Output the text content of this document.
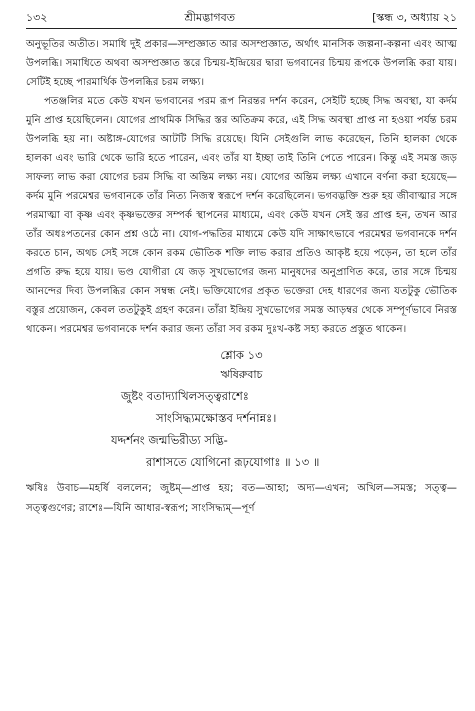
১৩২	শ্রীমদ্ভাগবত	[স্কন্ধ ৩, অধ্যায় ২১

অনুভূতির অতীত। সমাধি দুই প্রকার—সম্প্রজ্ঞাত আর অসম্প্রজ্ঞাত, অর্থাৎ মানসিক জল্পনা-কল্পনা এবং আত্ম উপলব্ধি। সমাধিতে অথবা অসম্প্রজ্ঞাত স্তরে চিন্ময়-ইন্দ্রিয়ের দ্বারা ভগবানের চিন্ময় রূপকে উপলব্ধি করা যায়। সেটিই হচ্ছে পারমার্থিক উপলব্ধির চরম লক্ষ্য।

পতঞ্জলির মতে কেউ যখন ভগবানের পরম রূপ নিরন্তর দর্শন করেন, সেইটি হচ্ছে সিদ্ধ অবস্থা, যা কর্দম মুনি প্রাপ্ত হয়েছিলেন। যোগের প্রাথমিক সিদ্ধির স্তর অতিক্রম করে, এই সিদ্ধ অবস্থা প্রাপ্ত না হওয়া পর্যন্ত চরম উপলব্ধি হয় না। অষ্টাঙ্গ-যোগের আটটি সিদ্ধি রয়েছে। যিনি সেইগুলি লাভ করেছেন, তিনি হালকা থেকে হালকা এবং ভারি থেকে ভারি হতে পারেন, এবং তাঁর যা ইচ্ছা তাই তিনি পেতে পারেন। কিন্তু এই সমস্ত জড় সাফল্য লাভ করা যোগের চরম সিদ্ধি বা অন্তিম লক্ষ্য নয়। যোগের অন্তিম লক্ষ্য এখানে বর্ণনা করা হয়েছে—কর্দম মুনি পরমেশ্বর ভগবানকে তাঁর নিত্য নিজস্ব স্বরূপে দর্শন করেছিলেন। ভগবদ্ভক্তি শুরু হয় জীবাত্মার সঙ্গে পরমাত্মা বা কৃষ্ণ এবং কৃষ্ণভক্তের সম্পর্ক স্থাপনের মাধ্যমে, এবং কেউ যখন সেই স্তর প্রাপ্ত হন, তখন আর তাঁর অধঃপতনের কোন প্রশ্ন ওঠে না। যোগ-পদ্ধতির মাধ্যমে কেউ যদি সাক্ষাৎভাবে পরমেশ্বর ভগবানকে দর্শন করতে চান, অথচ সেই সঙ্গে কোন রকম ভৌতিক শক্তি লাভ করার প্রতিও আকৃষ্ট হয়ে পড়েন, তা হলে তাঁর প্রগতি রুদ্ধ হয়ে যায়। ভণ্ড যোগীরা যে জড় সুখভোগের জন্য মানুষদের অনুপ্রাণিত করে, তার সঙ্গে চিন্ময় আনন্দের দিব্য উপলব্ধির কোন সম্বন্ধ নেই। ভক্তিযোগের প্রকৃত ভক্তেরা দেহ ধারণের জন্য যতটুকু ভৌতিক বস্তুর প্রয়োজন, কেবল ততটুকুই গ্রহণ করেন। তাঁরা ইন্দ্রিয় সুখভোগের সমস্ত আড়ম্বর থেকে সম্পূর্ণভাবে নিরস্ত থাকেন। পরমেশ্বর ভগবানকে দর্শন করার জন্য তাঁরা সব রকম দুঃখ-কষ্ট সহ্য করতে প্রস্তুত থাকেন।

শ্লোক ১৩
ঋষিরুবাচ
জুষ্টং বতাদ্যাখিলসত্ত্বরাশেঃ
সাংসিদ্ধ্যমক্ষোস্তব দর্শনান্নঃ।
যদ্দর্শনং জন্মভিরীড্য সদ্ভি-
রাশাসতে যোগিনো রূঢ়যোগাঃ ॥ ১৩ ॥
ঋষিঃ উবাচ—মহর্ষি বললেন; জুষ্টম্—প্রাপ্ত হয়; বত—আহা; অদ্য—এখন; অখিল—সমস্ত; সত্ত্ব—সত্ত্বগুণের; রাশেঃ—যিনি আধার-স্বরূপ; সাংসিদ্ধ্যম্—পূর্ণ
